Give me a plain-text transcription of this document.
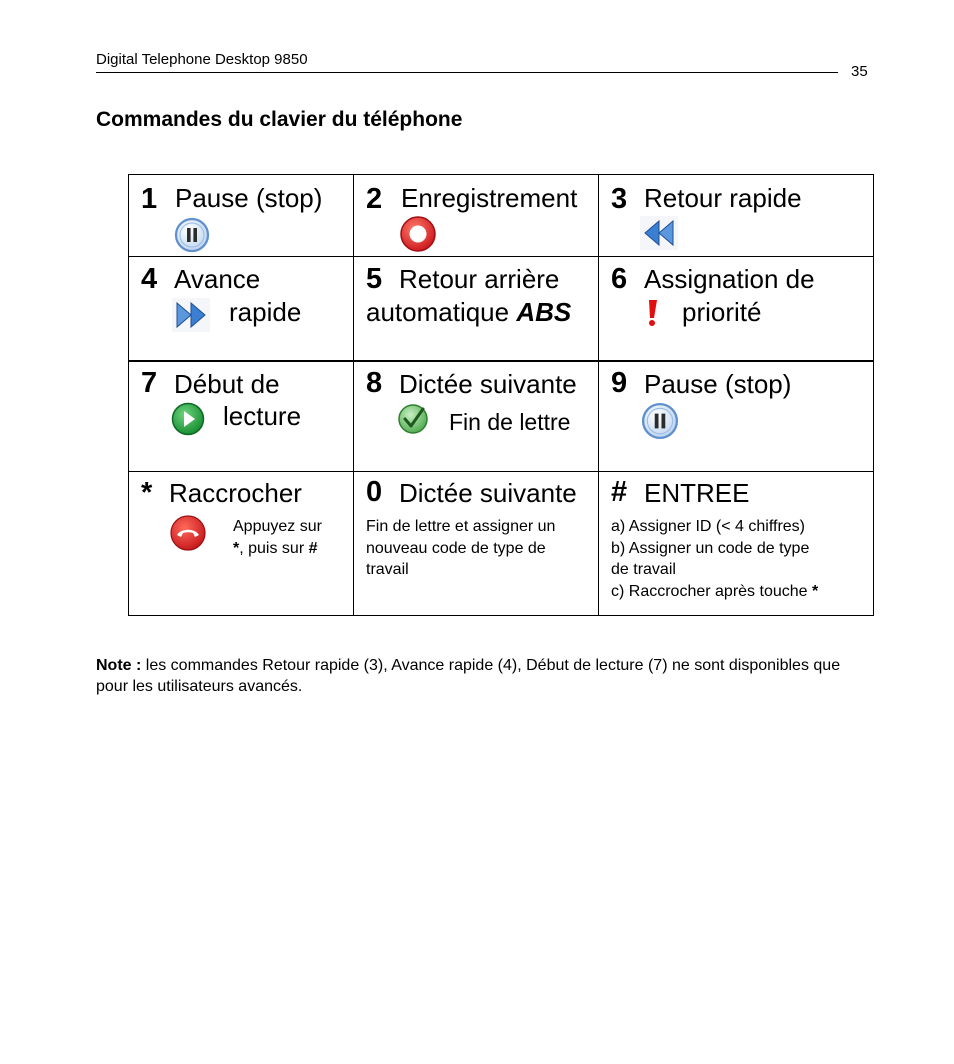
Digital Telephone Desktop 9850
35
Commandes du clavier du téléphone
1 Pause (stop) 2 Enregistrement 3 Retour rapide
4 Avance
rapide
5 Retour arrière
automatique ABS
6 Assignation de
priorité
7 Début de
lecture
8 Dictée suivante
Fin de lettre
9 Pause (stop)
* Raccrocher
Appuyez sur
*, puis sur #
0 Dictée suivante
Fin de lettre et assigner un
nouveau code de type de
travail
# ENTREE
a) Assigner ID (< 4 chiffres)
b) Assigner un code de type
de travail
c) Raccrocher après touche *
Note : les commandes Retour rapide (3), Avance rapide (4), Début de lecture (7) ne sont disponibles que pour les utilisateurs avancés.
